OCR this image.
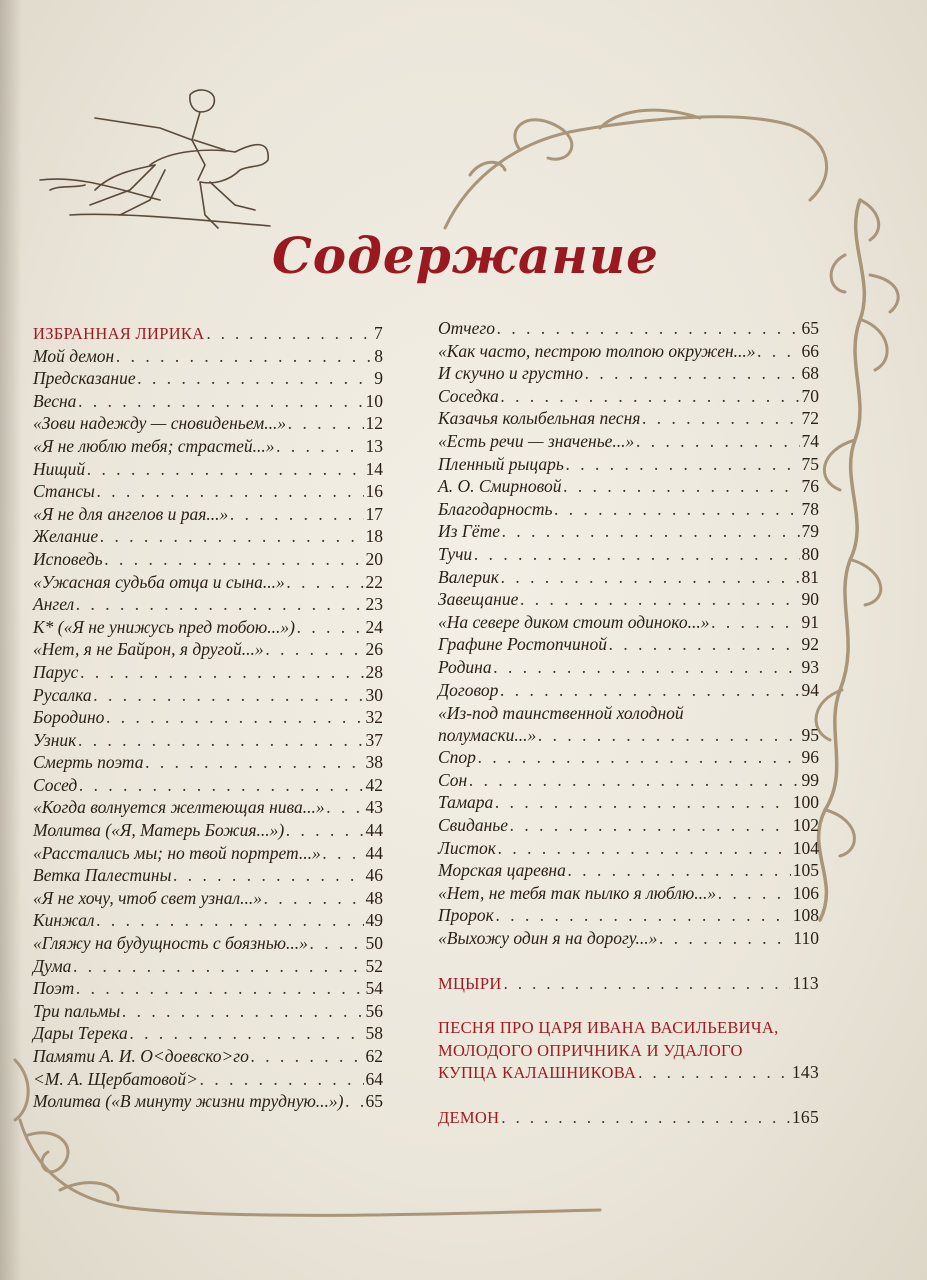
Содержание
ИЗБРАННАЯ ЛИРИКА . . .	7
Мой демон . . .	8
Предсказание . . .	9
Весна . . .	10
«Зови надежду — сновиденьем...» . . .	12
«Я не люблю тебя; страстей...» . . .	13
Нищий . . .	14
Стансы . . .	16
«Я не для ангелов и рая...» . . .	17
Желание . . .	18
Исповедь . . .	20
«Ужасная судьба отца и сына...» . . .	22
Ангел . . .	23
К* («Я не унижусь пред тобою...») . . .	24
«Нет, я не Байрон, я другой...» . . .	26
Парус . . .	28
Русалка . . .	30
Бородино . . .	32
Узник . . .	37
Смерть поэта . . .	38
Сосед . . .	42
«Когда волнуется желтеющая нива...» . . . 43
Молитва («Я, Матерь Божия...») . . .	44
«Расстались мы; но твой портрет...» . . .	44
Ветка Палестины . . .	46
«Я не хочу, чтоб свет узнал...» . . .	48
Кинжал . . .	49
«Гляжу на будущность с боязнью...» . . .	50
Дума . . .	52
Поэт . . .	54
Три пальмы . . .	56
Дары Терека . . .	58
Памяти А. И. О<доевско>го . . .	62
<М. А. Щербатовой> . . .	64
Молитва («В минуту жизни трудную...») . . . 65
Отчего . . .	65
«Как часто, пестрою толпою окружен...» . . .	66
И скучно и грустно . . .	68
Соседка . . .	70
Казачья колыбельная песня . . .	72
«Есть речи — значенье...» . . .	74
Пленный рыцарь . . .	75
А. О. Смирновой . . .	76
Благодарность . . .	78
Из Гёте . . .	79
Тучи . . .	80
Валерик . . .	81
Завещание . . .	90
«На севере диком стоит одиноко...» . . .	91
Графине Ростопчиной . . .	92
Родина . . .	93
Договор . . .	94
«Из-под таинственной холодной
полумаски...» . . .	95
Спор . . .	96
Сон . . .	99
Тамара . . .	100
Свиданье . . .	102
Листок . . .	104
Морская царевна . . .	105
«Нет, не тебя так пылко я люблю...» . . .	106
Пророк . . .	108
«Выхожу один я на дорогу...» . . .	110
МЦЫРИ . . .	113
ПЕСНЯ ПРО ЦАРЯ ИВАНА ВАСИЛЬЕВИЧА,
МОЛОДОГО ОПРИЧНИКА И УДАЛОГО
КУПЦА КАЛАШНИКОВА . . .	143
ДЕМОН . . .	165
